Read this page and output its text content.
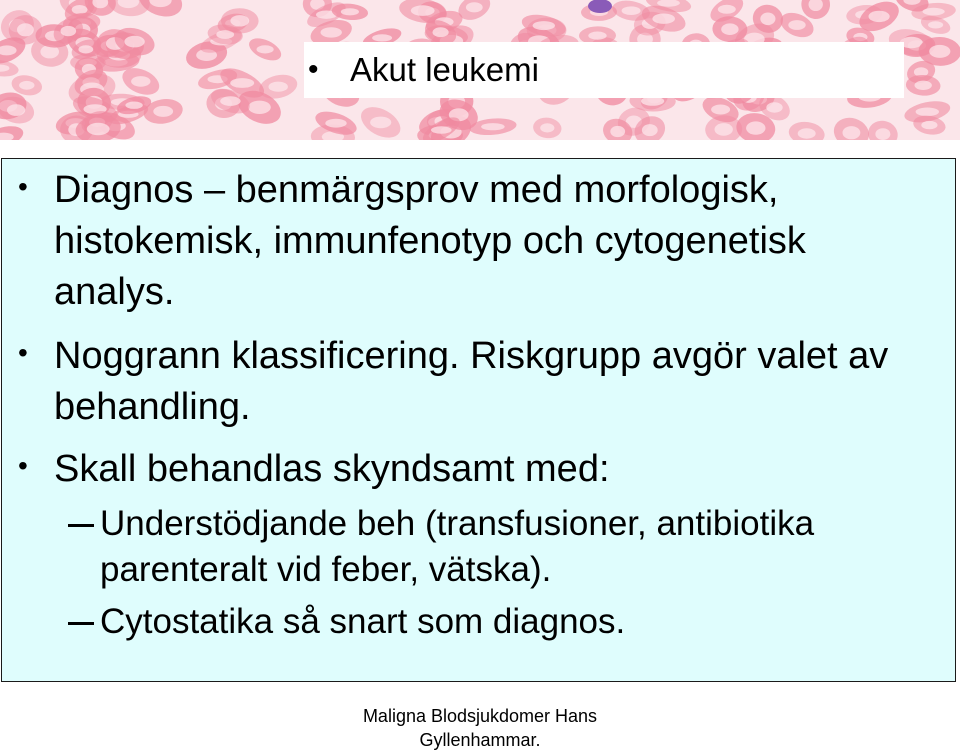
• Akut leukemi
• Diagnos – benmärgsprov med morfologisk, histokemisk, immunfenotyp och cytogenetisk analys.
• Noggrann klassificering. Riskgrupp avgör valet av behandling.
• Skall behandlas skyndsamt med:
Understödjande beh (transfusioner, antibiotika parenteralt vid feber, vätska).
Cytostatika så snart som diagnos.
Maligna Blodsjukdomer Hans Gyllenhammar.
